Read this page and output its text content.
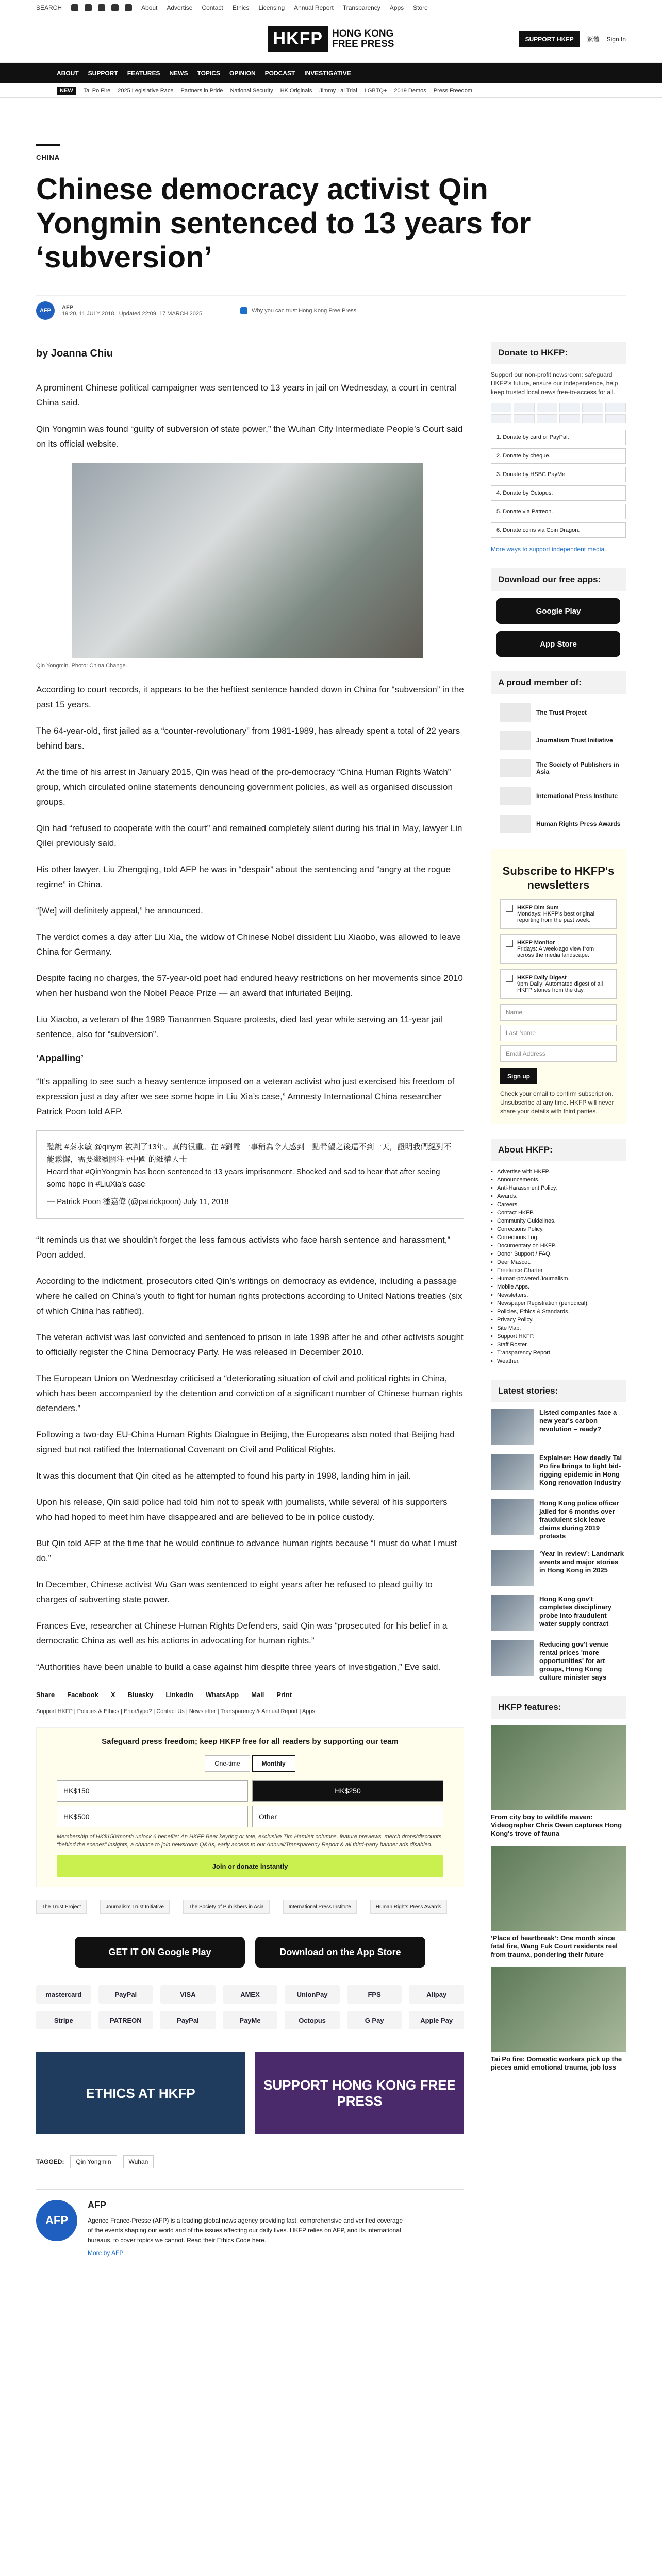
SEARCH	About Advertise Contact Ethics Licensing Annual Report Transparency Apps Store
HKFP HONG KONG
FREE PRESS	SUPPORT HKFP	繁體 Sign In
ABOUT SUPPORT FEATURES NEWS TOPICS OPINION PODCAST INVESTIGATIVE
NEW	Tai Po Fire 2025 Legislative Race Partners in Pride National Security HK Originals Jimmy Lai Trial LGBTQ+ 2019 Demos Press Freedom
CHINA
Chinese democracy activist Qin Yongmin sentenced to 13 years for ‘subversion’
AFP	AFP
19:20, 11 JULY 2018 Updated 22:09, 17 MARCH 2025	Why you can trust Hong Kong Free Press
by Joanna Chiu

A prominent Chinese political campaigner was sentenced to 13 years in jail on Wednesday, a court in central China said.

Qin Yongmin was found “guilty of subversion of state power,” the Wuhan City Intermediate People’s Court said on its official website.

Qin Yongmin. Photo: China Change.

According to court records, it appears to be the heftiest sentence handed down in China for “subversion” in the past 15 years.

The 64-year-old, first jailed as a “counter-revolutionary” from 1981-1989, has already spent a total of 22 years behind bars.

At the time of his arrest in January 2015, Qin was head of the pro-democracy “China Human Rights Watch” group, which circulated online statements denouncing government policies, as well as organised discussion groups.

Qin had “refused to cooperate with the court” and remained completely silent during his trial in May, lawyer Lin Qilei previously said.

His other lawyer, Liu Zhengqing, told AFP he was in “despair” about the sentencing and “angry at the rogue regime” in China.

“[We] will definitely appeal,” he announced.

The verdict comes a day after Liu Xia, the widow of Chinese Nobel dissident Liu Xiaobo, was allowed to leave China for Germany.

Despite facing no charges, the 57-year-old poet had endured heavy restrictions on her movements since 2010 when her husband won the Nobel Peace Prize — an award that infuriated Beijing.

Liu Xiaobo, a veteran of the 1989 Tiananmen Square protests, died last year while serving an 11-year jail sentence, also for “subversion”.

‘Appalling’

“It’s appalling to see such a heavy sentence imposed on a veteran activist who just exercised his freedom of expression just a day after we see some hope in Liu Xia’s case,” Amnesty International China researcher Patrick Poon told AFP.

聽說 #秦永敏 @qinym 被判了13年。真的很重。在 #劉霞 一事稍為令人感到一點希望之後還不到一天，證明我們絕對不能鬆懈，需要繼續關注 #中國 的維權人士
Heard that #QinYongmin has been sentenced to 13 years imprisonment. Shocked and sad to hear that after seeing some hope in #LiuXia's case
— Patrick Poon 潘嘉偉 (@patrickpoon) July 11, 2018

“It reminds us that we shouldn’t forget the less famous activists who face harsh sentence and harassment,” Poon added.

According to the indictment, prosecutors cited Qin’s writings on democracy as evidence, including a passage where he called on China’s youth to fight for human rights protections according to United Nations treaties (six of which China has ratified).

The veteran activist was last convicted and sentenced to prison in late 1998 after he and other activists sought to officially register the China Democracy Party. He was released in December 2010.

The European Union on Wednesday criticised a “deteriorating situation of civil and political rights in China, which has been accompanied by the detention and conviction of a significant number of Chinese human rights defenders.”

Following a two-day EU-China Human Rights Dialogue in Beijing, the Europeans also noted that Beijing had signed but not ratified the International Covenant on Civil and Political Rights.

It was this document that Qin cited as he attempted to found his party in 1998, landing him in jail.

Upon his release, Qin said police had told him not to speak with journalists, while several of his supporters who had hoped to meet him have disappeared and are believed to be in police custody.

But Qin told AFP at the time that he would continue to advance human rights because “I must do what I must do.”

In December, Chinese activist Wu Gan was sentenced to eight years after he refused to plead guilty to charges of subverting state power.

Frances Eve, researcher at Chinese Human Rights Defenders, said Qin was “prosecuted for his belief in a democratic China as well as his actions in advocating for human rights.”

“Authorities have been unable to build a case against him despite three years of investigation,” Eve said.

Share Facebook X Bluesky LinkedIn WhatsApp Mail Print
Support HKFP | Policies & Ethics | Error/typo? | Contact Us | Newsletter | Transparency & Annual Report | Apps
Safeguard press freedom; keep HKFP free for all readers by supporting our team
One-time	Monthly
HK$150	HK$250
HK$500	Other
Membership of HK$150/month unlock 6 benefits: An HKFP Beer keyring or tote, exclusive Tim Hamlett columns, feature previews, merch drops/discounts, “behind the scenes” insights, a chance to join newsroom Q&As, early access to our Annual/Transparency Report & all third-party banner ads disabled.
Join or donate instantly
The Trust Project	Journalism Trust Initiative	The Society of Publishers in Asia	International Press Institute	Human Rights Press Awards
GET IT ON Google Play	Download on the App Store
mastercard	PayPal	VISA	AMEX	UnionPay	FPS	Alipay
Stripe	PATREON	PayPal	PayMe	Octopus	G Pay	Apple Pay
ETHICS AT HKFP
SUPPORT HONG KONG FREE PRESS
TAGGED:	Qin Yongmin	Wuhan
AFP
AFP
Agence France-Presse (AFP) is a leading global news agency providing fast, comprehensive and verified coverage of the events shaping our world and of the issues affecting our daily lives. HKFP relies on AFP, and its international bureaus, to cover topics we cannot. Read their Ethics Code here.
More by AFP
Donate to HKFP:
Support our non-profit newsroom: safeguard HKFP's future, ensure our independence, help keep trusted local news free-to-access for all.
1. Donate by card or PayPal.
2. Donate by cheque.
3. Donate by HSBC PayMe.
4. Donate by Octopus.
5. Donate via Patreon.
6. Donate coins via Coin Dragon.
More ways to support independent media.
Download our free apps:
Google Play
App Store
A proud member of:
The Trust Project
Journalism Trust Initiative
The Society of Publishers in Asia
International Press Institute
Human Rights Press Awards
Subscribe to HKFP's newsletters
HKFP Dim Sum
Mondays: HKFP's best original reporting from the past week.
HKFP Monitor
Fridays: A week-ago view from across the media landscape.
HKFP Daily Digest
9pm Daily: Automated digest of all HKFP stories from the day.
Name
Last Name
Email Address
Sign up
Check your email to confirm subscription. Unsubscribe at any time. HKFP will never share your details with third parties.
About HKFP:
• Advertise with HKFP.
• Announcements.
• Anti-Harassment Policy.
• Awards.
• Careers.
• Contact HKFP.
• Community Guidelines.
• Corrections Policy.
• Corrections Log.
• Documentary on HKFP.
• Donor Support / FAQ.
• Deer Mascot.
• Freelance Charter.
• Human-powered Journalism.
• Mobile Apps.
• Newsletters.
• Newspaper Registration (periodical).
• Policies, Ethics & Standards.
• Privacy Policy.
• Site Map.
• Support HKFP.
• Staff Roster.
• Transparency Report.
• Weather.
Latest stories:
Listed companies face a new year's carbon revolution – ready?
Explainer: How deadly Tai Po fire brings to light bid-rigging epidemic in Hong Kong renovation industry
Hong Kong police officer jailed for 6 months over fraudulent sick leave claims during 2019 protests
‘Year in review’: Landmark events and major stories in Hong Kong in 2025
Hong Kong gov't completes disciplinary probe into fraudulent water supply contract
Reducing gov't venue rental prices 'more opportunities' for art groups, Hong Kong culture minister says
HKFP features:
From city boy to wildlife maven: Videographer Chris Owen captures Hong Kong's trove of fauna
‘Place of heartbreak’: One month since fatal fire, Wang Fuk Court residents reel from trauma, pondering their future
Tai Po fire: Domestic workers pick up the pieces amid emotional trauma, job loss
